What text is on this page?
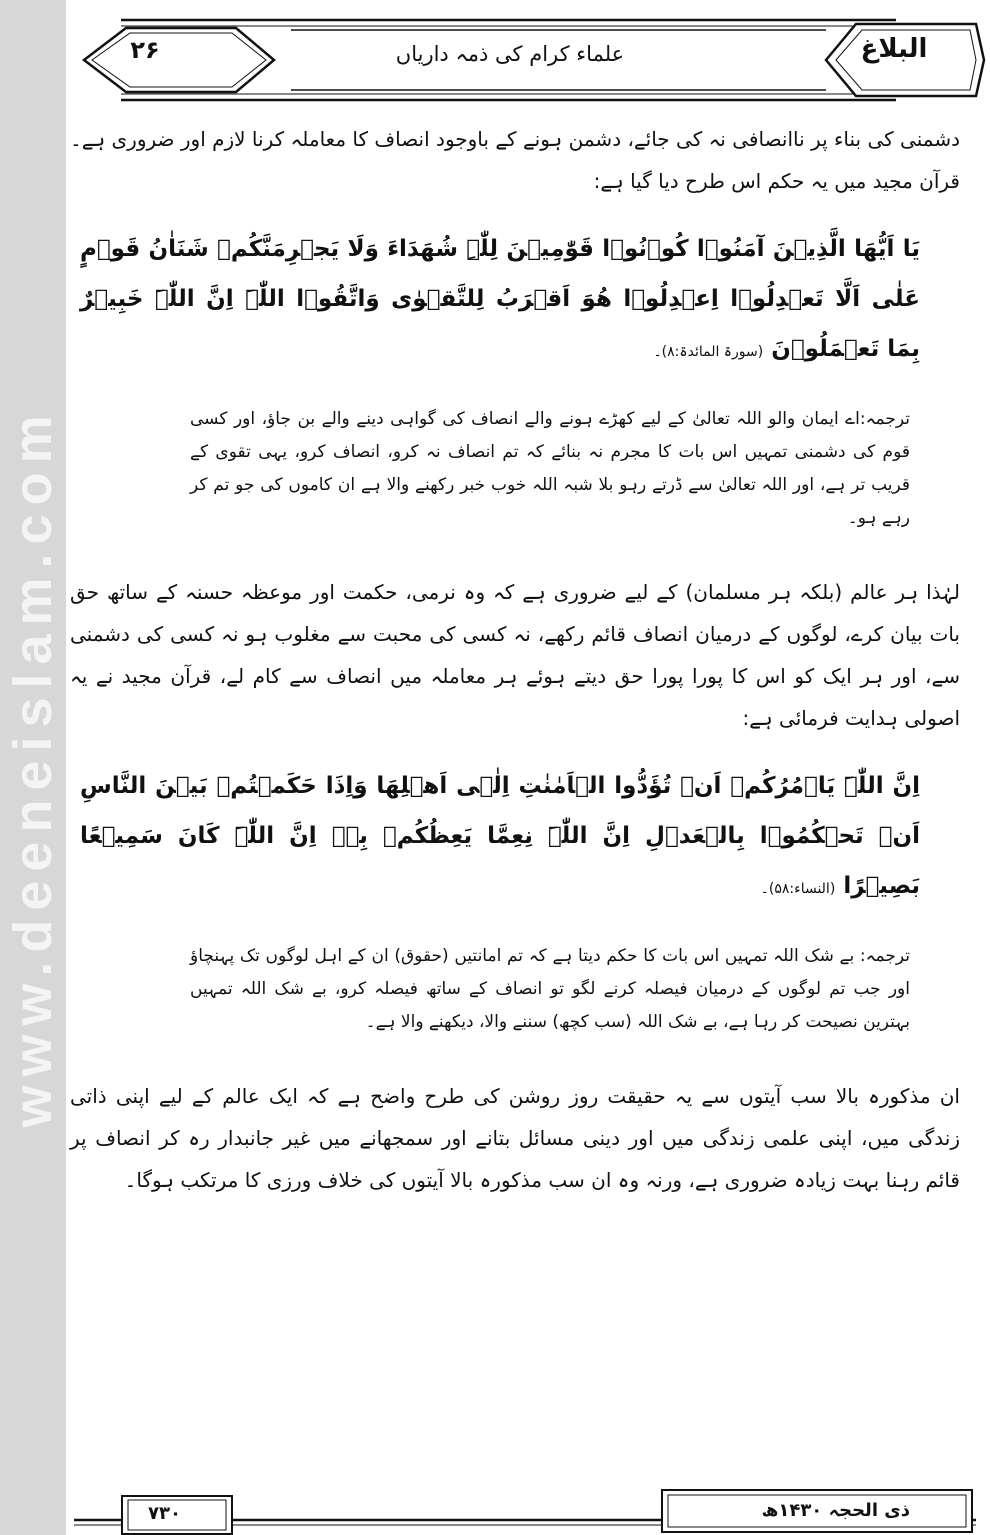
www.deeneislam.com
۲۶	علماء کرام کی ذمہ داریاں	البلاغ

دشمنی کی بناء پر ناانصافی نہ کی جائے، دشمن ہونے کے باوجود انصاف کا معاملہ کرنا لازم اور ضروری ہے۔قرآن مجید میں یہ حکم اس طرح دیا گیا ہے:

یَا اَیُّھَا الَّذِیۡنَ آمَنُوۡا کُوۡنُوۡا قَوّٰمِیۡنَ لِلّٰہِ شُھَدَاءَ وَلَا یَجۡرِمَنَّکُمۡ شَنَاٰنُ قَوۡمٍ عَلٰی اَلَّا تَعۡدِلُوۡا اِعۡدِلُوۡا ھُوَ اَقۡرَبُ لِلتَّقۡوٰی وَاتَّقُوۡا اللّٰہَ اِنَّ اللّٰہَ خَبِیۡرٌ بِمَا تَعۡمَلُوۡنَ (سورۃ المائدۃ:۸)۔

ترجمہ:اے ایمان والو اللہ تعالیٰ کے لیے کھڑے ہونے والے انصاف کی گواہی دینے والے بن جاؤ، اور کسی قوم کی دشمنی تمہیں اس بات کا مجرم نہ بنائے کہ تم انصاف نہ کرو، انصاف کرو، یہی تقوی کے قریب تر ہے، اور اللہ تعالیٰ سے ڈرتے رہو بلا شبہ اللہ خوب خبر رکھنے والا ہے ان کاموں کی جو تم کر رہے ہو۔

لہٰذا ہر عالم (بلکہ ہر مسلمان) کے لیے ضروری ہے کہ وہ نرمی، حکمت اور موعظہ حسنہ کے ساتھ حق بات بیان کرے، لوگوں کے درمیان انصاف قائم رکھے، نہ کسی کی محبت سے مغلوب ہو نہ کسی کی دشمنی سے، اور ہر ایک کو اس کا پورا پورا حق دیتے ہوئے ہر معاملہ میں انصاف سے کام لے، قرآن مجید نے یہ اصولی ہدایت فرمائی ہے:

اِنَّ اللّٰہَ یَاۡمُرُکُمۡ اَنۡ تُؤَدُّوا الۡاَمٰنٰتِ اِلٰۤی اَھۡلِھَا وَاِذَا حَکَمۡتُمۡ بَیۡنَ النَّاسِ اَنۡ تَحۡکُمُوۡا بِالۡعَدۡلِ اِنَّ اللّٰہَ نِعِمَّا یَعِظُکُمۡ بِہٖ اِنَّ اللّٰہَ کَانَ سَمِیۡعًا بَصِیۡرًا (النساء:۵۸)۔

ترجمہ: بے شک اللہ تمہیں اس بات کا حکم دیتا ہے کہ تم امانتیں (حقوق) ان کے اہل لوگوں تک پہنچاؤ اور جب تم لوگوں کے درمیان فیصلہ کرنے لگو تو انصاف کے ساتھ فیصلہ کرو، بے شک اللہ تمہیں بہترین نصیحت کر رہا ہے، بے شک اللہ (سب کچھ) سننے والا، دیکھنے والا ہے۔

ان مذکورہ بالا سب آیتوں سے یہ حقیقت روز روشن کی طرح واضح ہے کہ ایک عالم کے لیے اپنی ذاتی زندگی میں، اپنی علمی زندگی میں اور دینی مسائل بتانے اور سمجھانے میں غیر جانبدار رہ کر انصاف پر قائم رہنا بہت زیادہ ضروری ہے، ورنہ وہ ان سب مذکورہ بالا آیتوں کی خلاف ورزی کا مرتکب ہوگا۔

۷۳۰	ذی الحجہ ۱۴۳۰ھ
